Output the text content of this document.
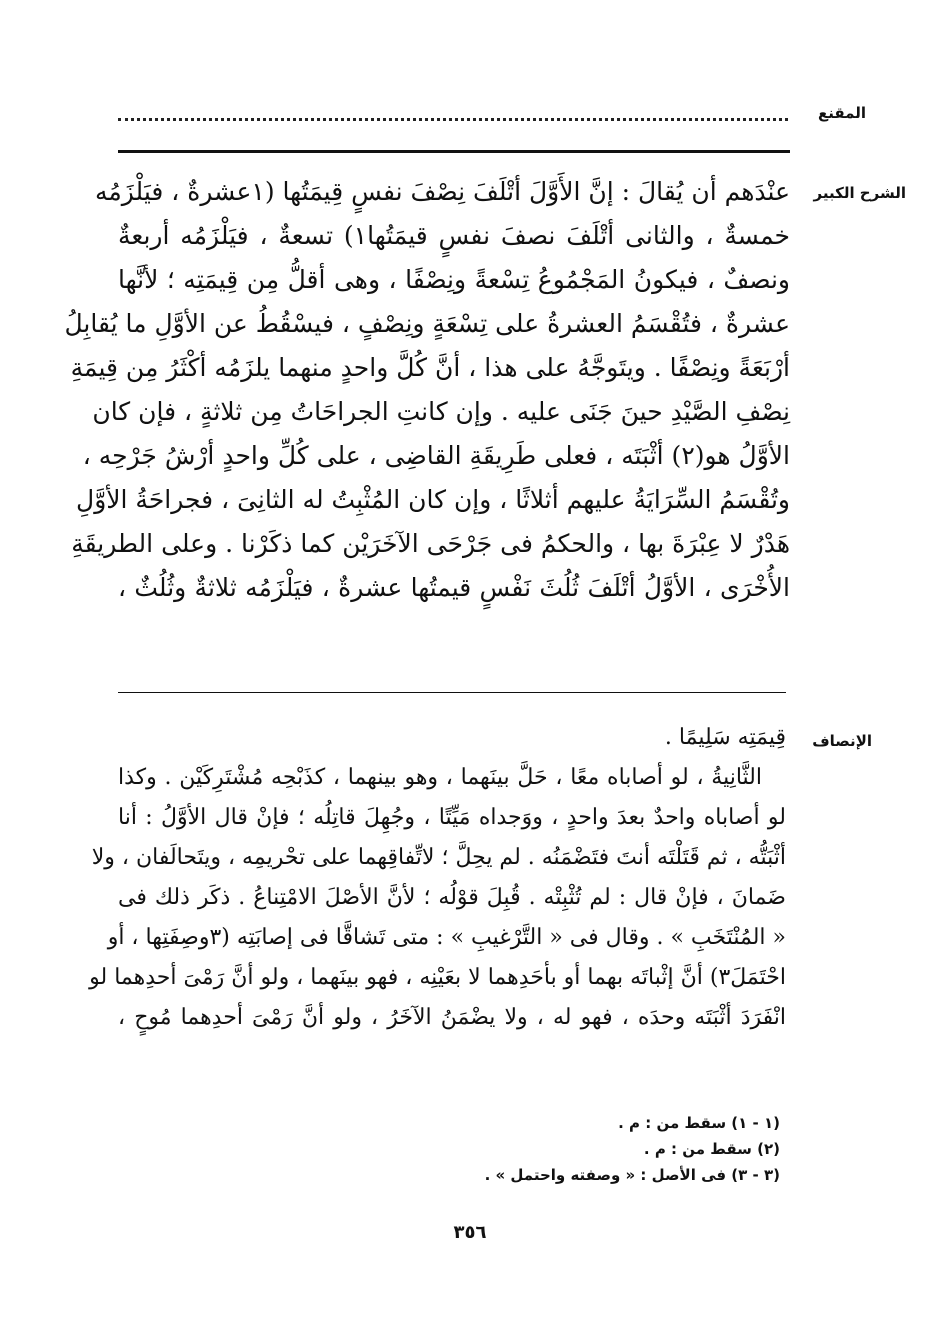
المقنع
الشرح الكبير
عنْدَهم أن يُقالَ : إنَّ الأَوَّلَ أتْلَفَ نِصْفَ نفسٍ قِيمَتُها (١عشرةٌ ، فيَلْزَمُه
خمسةٌ ، والثانى أتْلَفَ نصفَ نفسٍ قيمَتُها١) تسعةٌ ، فيَلْزَمُه أربعةٌ
ونصفٌ ، فيكونُ المَجْمُوعُ تِسْعةً ونِصْفًا ، وهى أقلُّ مِن قِيمَتِه ؛ لأنَّها
عشرةٌ ، فتُقْسَمُ العشرةُ على تِسْعَةٍ ونِصْفٍ ، فيسْقُطُ عن الأوَّلِ ما يُقابِلُ
أرْبَعَةً ونِصْفًا . ويتَوجَّهُ على هذا ، أنَّ كُلَّ واحدٍ منهما يلزَمُه أكْثَرُ مِن قِيمَةِ
نِصْفِ الصَّيْدِ حينَ جَنَى عليه . وإن كانتِ الجراحَاتُ مِن ثلاثةٍ ، فإن كان
الأوَّلُ هو(٢) أثْبَتَه ، فعلى طَرِيقَةِ القاضِى ، على كُلِّ واحدٍ أرْشُ جَرْحِه ،
وتُقْسَمُ السِّرَايَةُ عليهم أثلاثًا ، وإن كان المُثْبِتُ له الثانِىَ ، فجراحَةُ الأوَّلِ
هَدْرٌ لا عِبْرَةَ بها ، والحكمُ فى جَرْحَى الآخَرَيْن كما ذكَرْنا . وعلى الطريقَةِ
الأُخْرَى ، الأوَّلُ أتْلَفَ ثُلُثَ نَفْسٍ قيمتُها عشرةٌ ، فيَلْزَمُه ثلاثةٌ وثُلُثٌ ،
الإنصاف
قِيمَتِه سَلِيمًا .
الثَّانِيةُ ، لو أصاباه معًا ، حَلَّ بينَهما ، وهو بينهما ، كذَبْحِه مُشْتَرِكَيْن . وكذا
لو أصاباه واحدٌ بعدَ واحدٍ ، ووَجداه مَيِّتًا ، وجُهِلَ قاتِلُه ؛ فإنْ قال الأوَّلُ : أنا
أثْبَتُّه ، ثم قَتَلْتَه أنتَ فتَضْمَنُه . لم يحِلَّ ؛ لاتِّفاقِهما على تحْريمِه ، ويتَحالَفان ، ولا
ضَمانَ ، فإنْ قال : لم تُثْبِتْه . قُبِلَ قوْلُه ؛ لأنَّ الأصْلَ الامْتِناعُ . ذكَر ذلك فى
« المُنْتَخَبِ » . وقال فى « التَّرْغيبِ » : متى تَشاقَّا فى إصابَتِه (٣وصِفَتِها ، أو
احْتَمَلَ٣) أنَّ إثْباتَه بهما أو بأحَدِهما لا بعَيْنِه ، فهو بينَهما ، ولو أنَّ رَمْىَ أحدِهما لو
انْفَرَدَ أثْبَتَه وحدَه ، فهو له ، ولا يضْمَنُ الآخَرُ ، ولو أنَّ رَمْىَ أحدِهما مُوحٍ ،
(١ - ١) سقط من : م .
(٢) سقط من : م .
(٣ - ٣) فى الأصل : « وصفته واحتمل » .
٣٥٦
